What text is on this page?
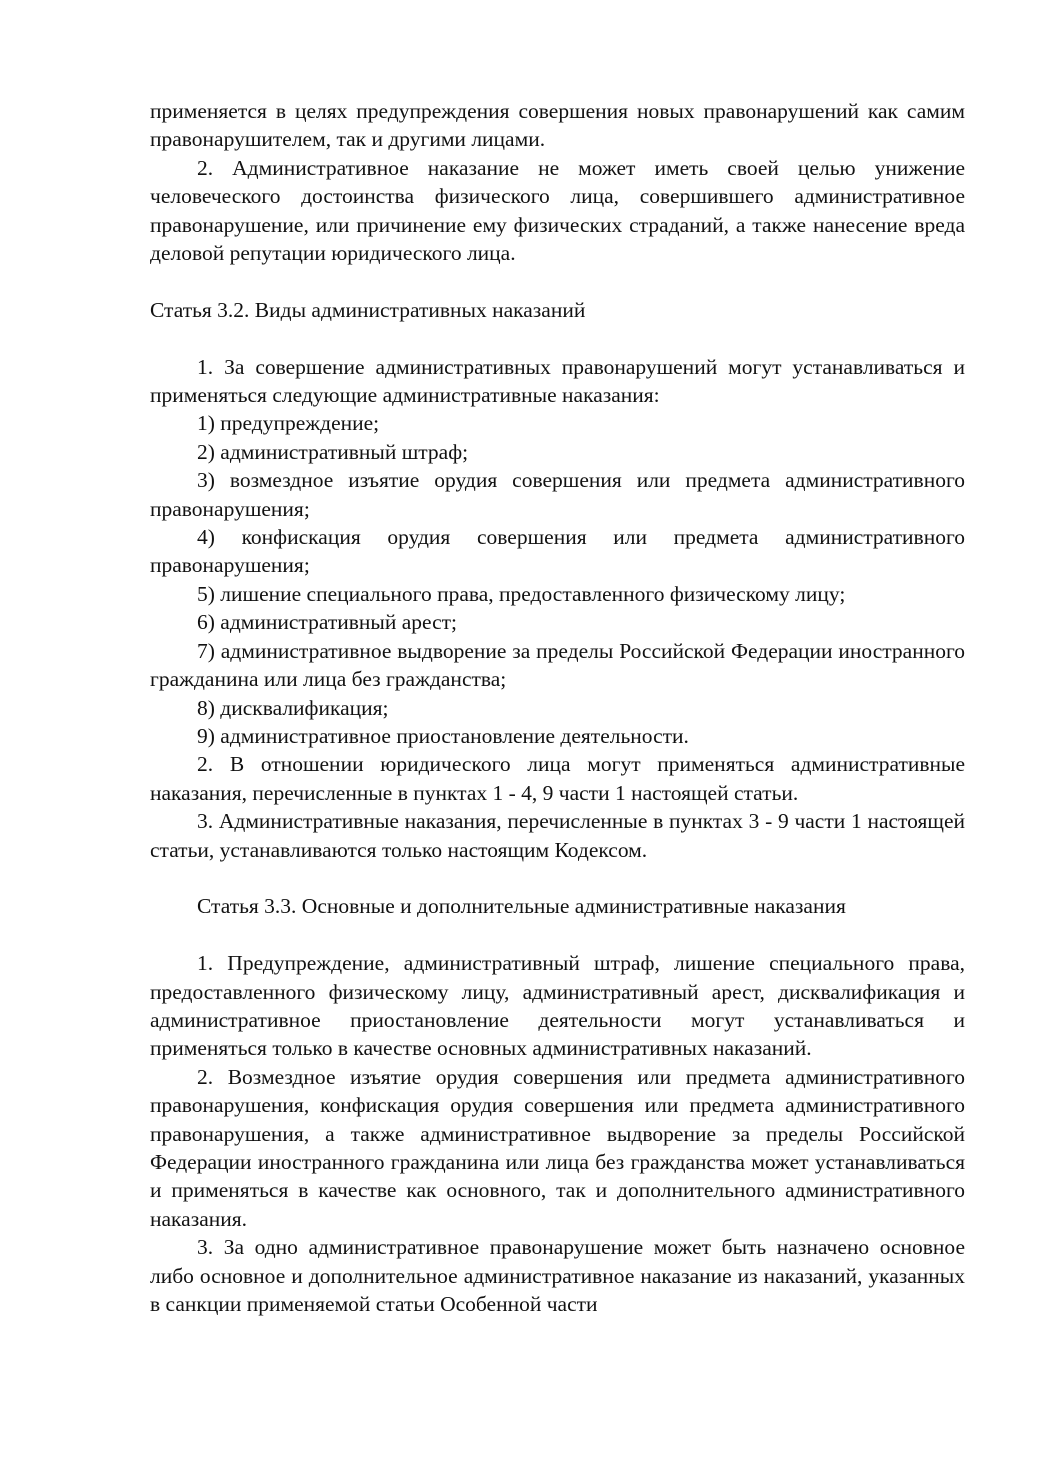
применяется в целях предупреждения совершения новых правонарушений как самим правонарушителем, так и другими лицами.

2. Административное наказание не может иметь своей целью унижение человеческого достоинства физического лица, совершившего административное правонарушение, или причинение ему физических страданий, а также нанесение вреда деловой репутации юридического лица.

Статья 3.2. Виды административных наказаний

1. За совершение административных правонарушений могут устанавливаться и применяться следующие административные наказания:

1) предупреждение;

2) административный штраф;

3) возмездное изъятие орудия совершения или предмета административного правонарушения;

4) конфискация орудия совершения или предмета административного правонарушения;

5) лишение специального права, предоставленного физическому лицу;

6) административный арест;

7) административное выдворение за пределы Российской Федерации иностранного гражданина или лица без гражданства;

8) дисквалификация;

9) административное приостановление деятельности.

2. В отношении юридического лица могут применяться административные наказания, перечисленные в пунктах 1 - 4, 9 части 1 настоящей статьи.

3. Административные наказания, перечисленные в пунктах 3 - 9 части 1 настоящей статьи, устанавливаются только настоящим Кодексом.

Статья 3.3. Основные и дополнительные административные наказания

1. Предупреждение, административный штраф, лишение специального права, предоставленного физическому лицу, административный арест, дисквалификация и административное приостановление деятельности могут устанавливаться и применяться только в качестве основных административных наказаний.

2. Возмездное изъятие орудия совершения или предмета административного правонарушения, конфискация орудия совершения или предмета административного правонарушения, а также административное выдворение за пределы Российской Федерации иностранного гражданина или лица без гражданства может устанавливаться и применяться в качестве как основного, так и дополнительного административного наказания.

3. За одно административное правонарушение может быть назначено основное либо основное и дополнительное административное наказание из наказаний, указанных в санкции применяемой статьи Особенной части
